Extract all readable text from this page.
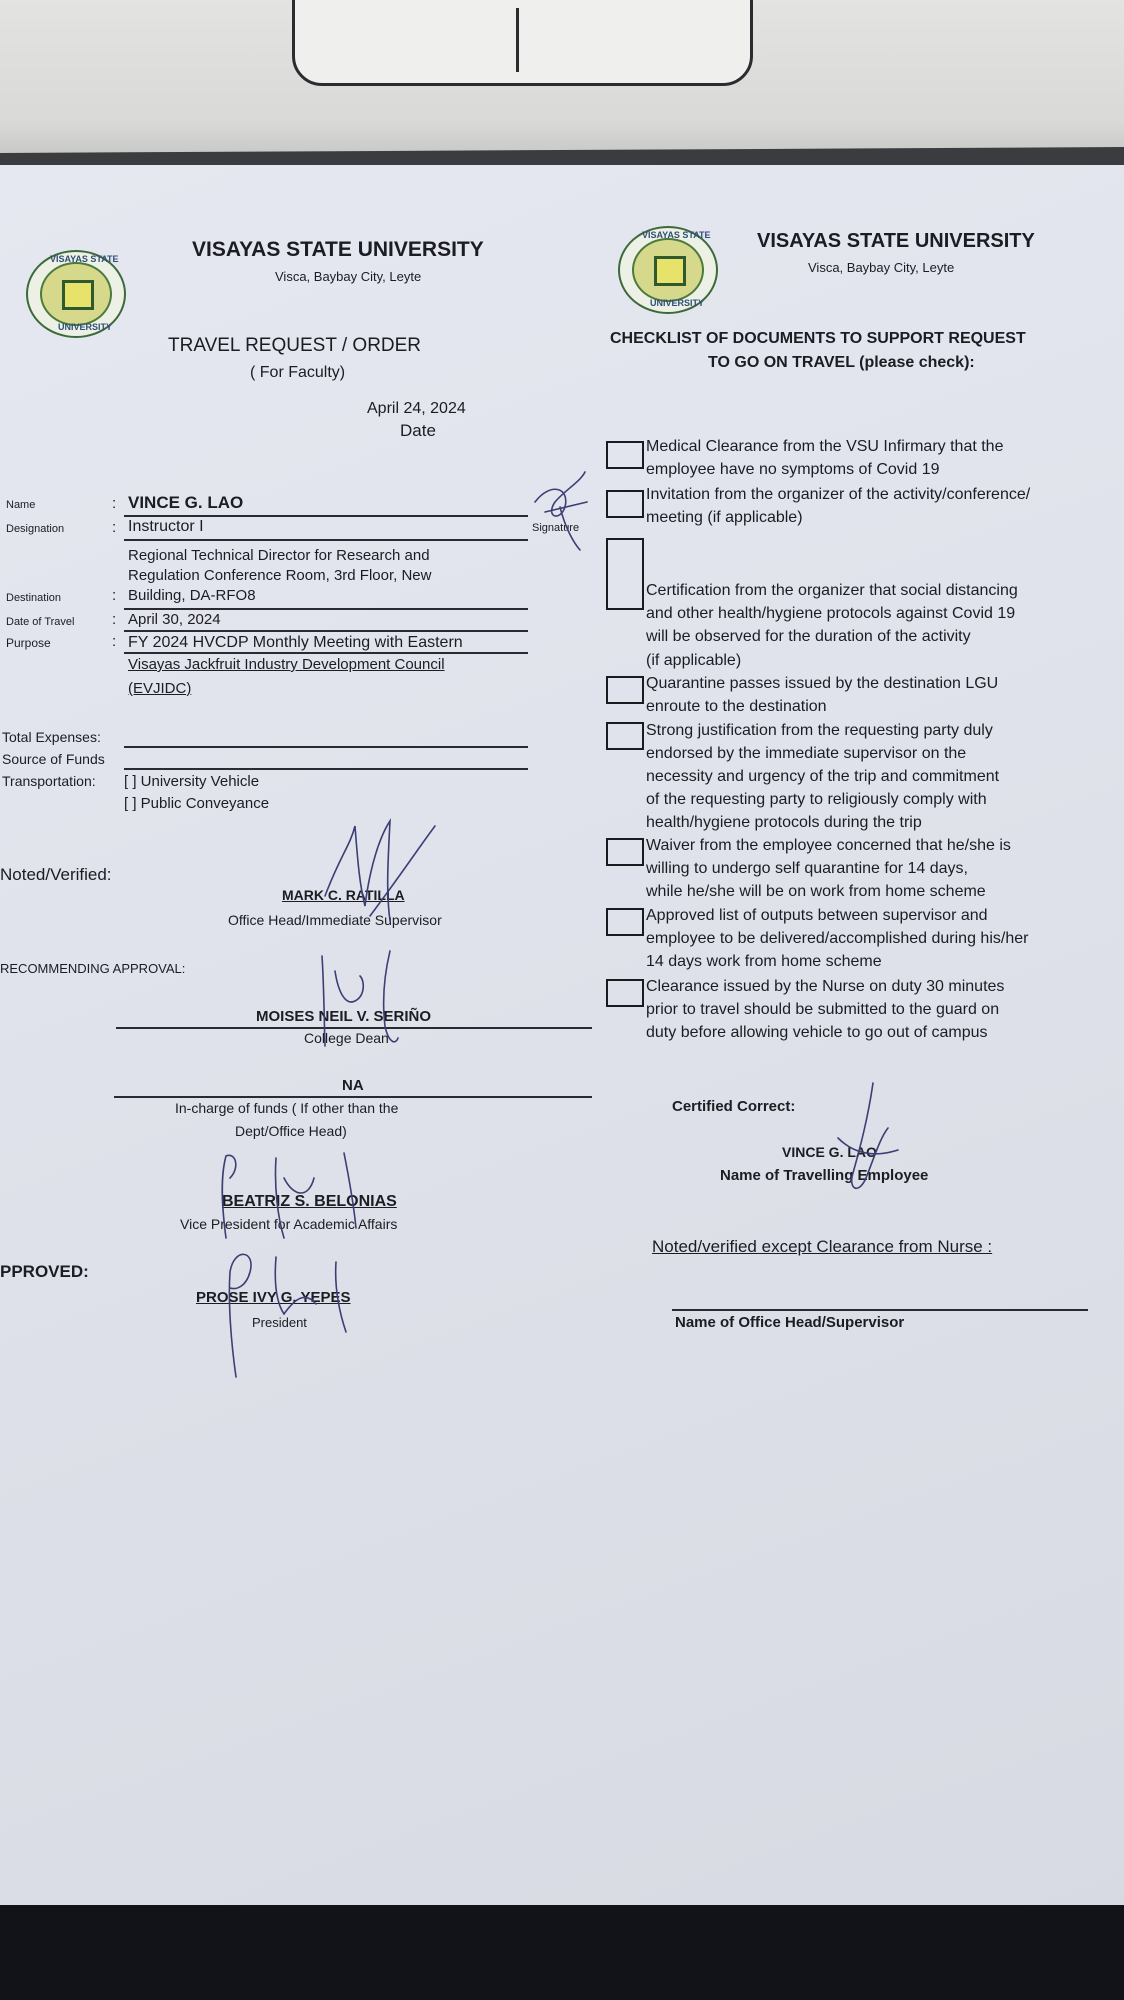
VISAYAS STATE
UNIVERSITY
VISAYAS STATE UNIVERSITY
Visca, Baybay City, Leyte
TRAVEL REQUEST / ORDER
( For Faculty)
April 24, 2024
Date
Name	: VINCE G. LAO
Designation	: Instructor I	Signature
Regional Technical Director for Research and
Regulation Conference Room, 3rd Floor, New
Destination	: Building, DA-RFO8
Date of Travel	: April 30, 2024
Purpose	: FY 2024 HVCDP Monthly Meeting with Eastern
Visayas Jackfruit Industry Development Council
(EVJIDC)
Total Expenses:
Source of Funds
Transportation: [ ] University Vehicle
[ ] Public Conveyance
Noted/Verified:
MARK C. RATILLA
Office Head/Immediate Supervisor
RECOMMENDING APPROVAL:
MOISES NEIL V. SERIÑO
College Dean
NA
In-charge of funds ( If other than the
Dept/Office Head)
BEATRIZ S. BELONIAS
Vice President for Academic Affairs
PPROVED:
PROSE IVY G. YEPES
President
VISAYAS STATE
UNIVERSITY
VISAYAS STATE UNIVERSITY
Visca, Baybay City, Leyte
CHECKLIST OF DOCUMENTS TO SUPPORT REQUEST
TO GO ON TRAVEL (please check):
Medical Clearance from the VSU Infirmary that the
employee have no symptoms of Covid 19
Invitation from the organizer of the activity/conference/
meeting (if applicable)
Certification from the organizer that social distancing
and other health/hygiene protocols against Covid 19
will be observed for the duration of the activity
(if applicable)
Quarantine passes issued by the destination LGU
enroute to the destination
Strong justification from the requesting party duly
endorsed by the immediate supervisor on the
necessity and urgency of the trip and commitment
of the requesting party to religiously comply with
health/hygiene protocols during the trip
Waiver from the employee concerned that he/she is
willing to undergo self quarantine for 14 days,
while he/she will be on work from home scheme
Approved list of outputs between supervisor and
employee to be delivered/accomplished during his/her
14 days work from home scheme
Clearance issued by the Nurse on duty 30 minutes
prior to travel should be submitted to the guard on
duty before allowing vehicle to go out of campus
Certified Correct:
VINCE G. LAO
Name of Travelling Employee
Noted/verified except Clearance from Nurse :
Name of Office Head/Supervisor
